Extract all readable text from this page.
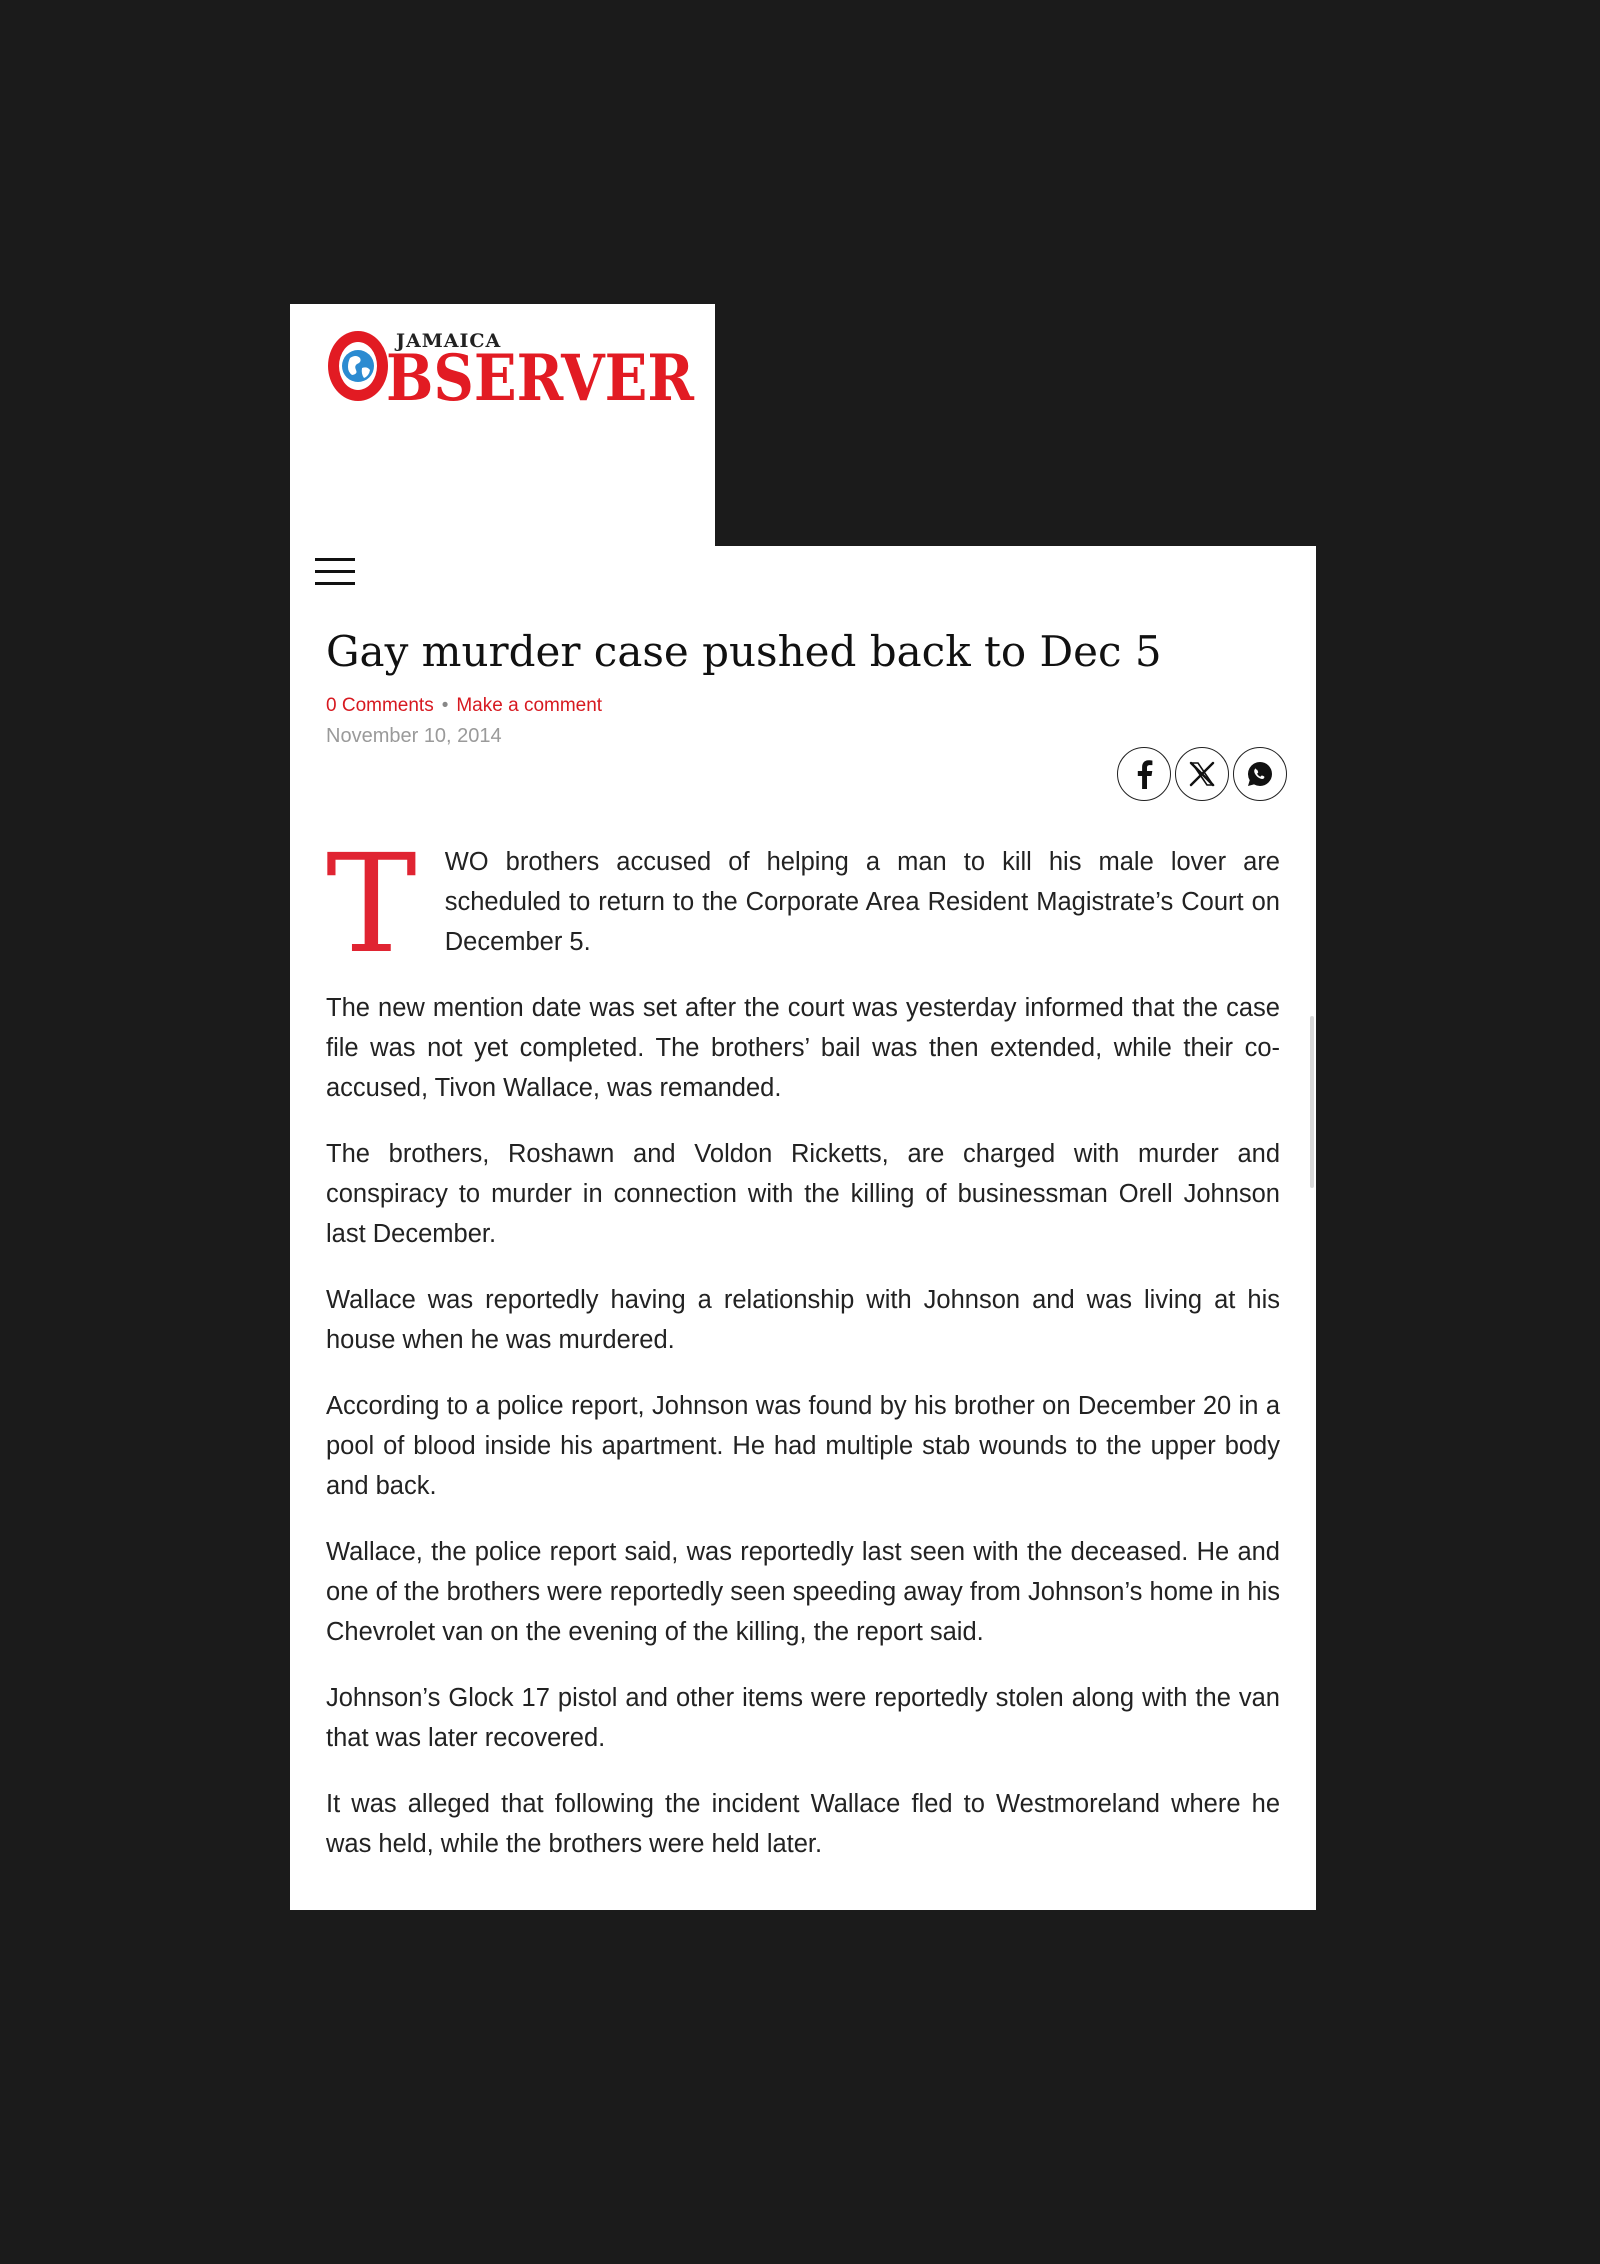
JAMAICA
BSERVER
Gay murder case pushed back to Dec 5
0 Comments • Make a comment
November 10, 2014
T WO brothers accused of helping a man to kill his male lover are scheduled to return to the Corporate Area Resident Magistrate’s Court on December 5.

The new mention date was set after the court was yesterday informed that the case file was not yet completed. The brothers’ bail was then extended, while their co-accused, Tivon Wallace, was remanded.

The brothers, Roshawn and Voldon Ricketts, are charged with murder and conspiracy to murder in connection with the killing of businessman Orell Johnson last December.

Wallace was reportedly having a relationship with Johnson and was living at his house when he was murdered.

According to a police report, Johnson was found by his brother on December 20 in a pool of blood inside his apartment. He had multiple stab wounds to the upper body and back.

Wallace, the police report said, was reportedly last seen with the deceased. He and one of the brothers were reportedly seen speeding away from Johnson’s home in his Chevrolet van on the evening of the killing, the report said.

Johnson’s Glock 17 pistol and other items were reportedly stolen along with the van that was later recovered.

It was alleged that following the incident Wallace fled to Westmoreland where he was held, while the brothers were held later.
